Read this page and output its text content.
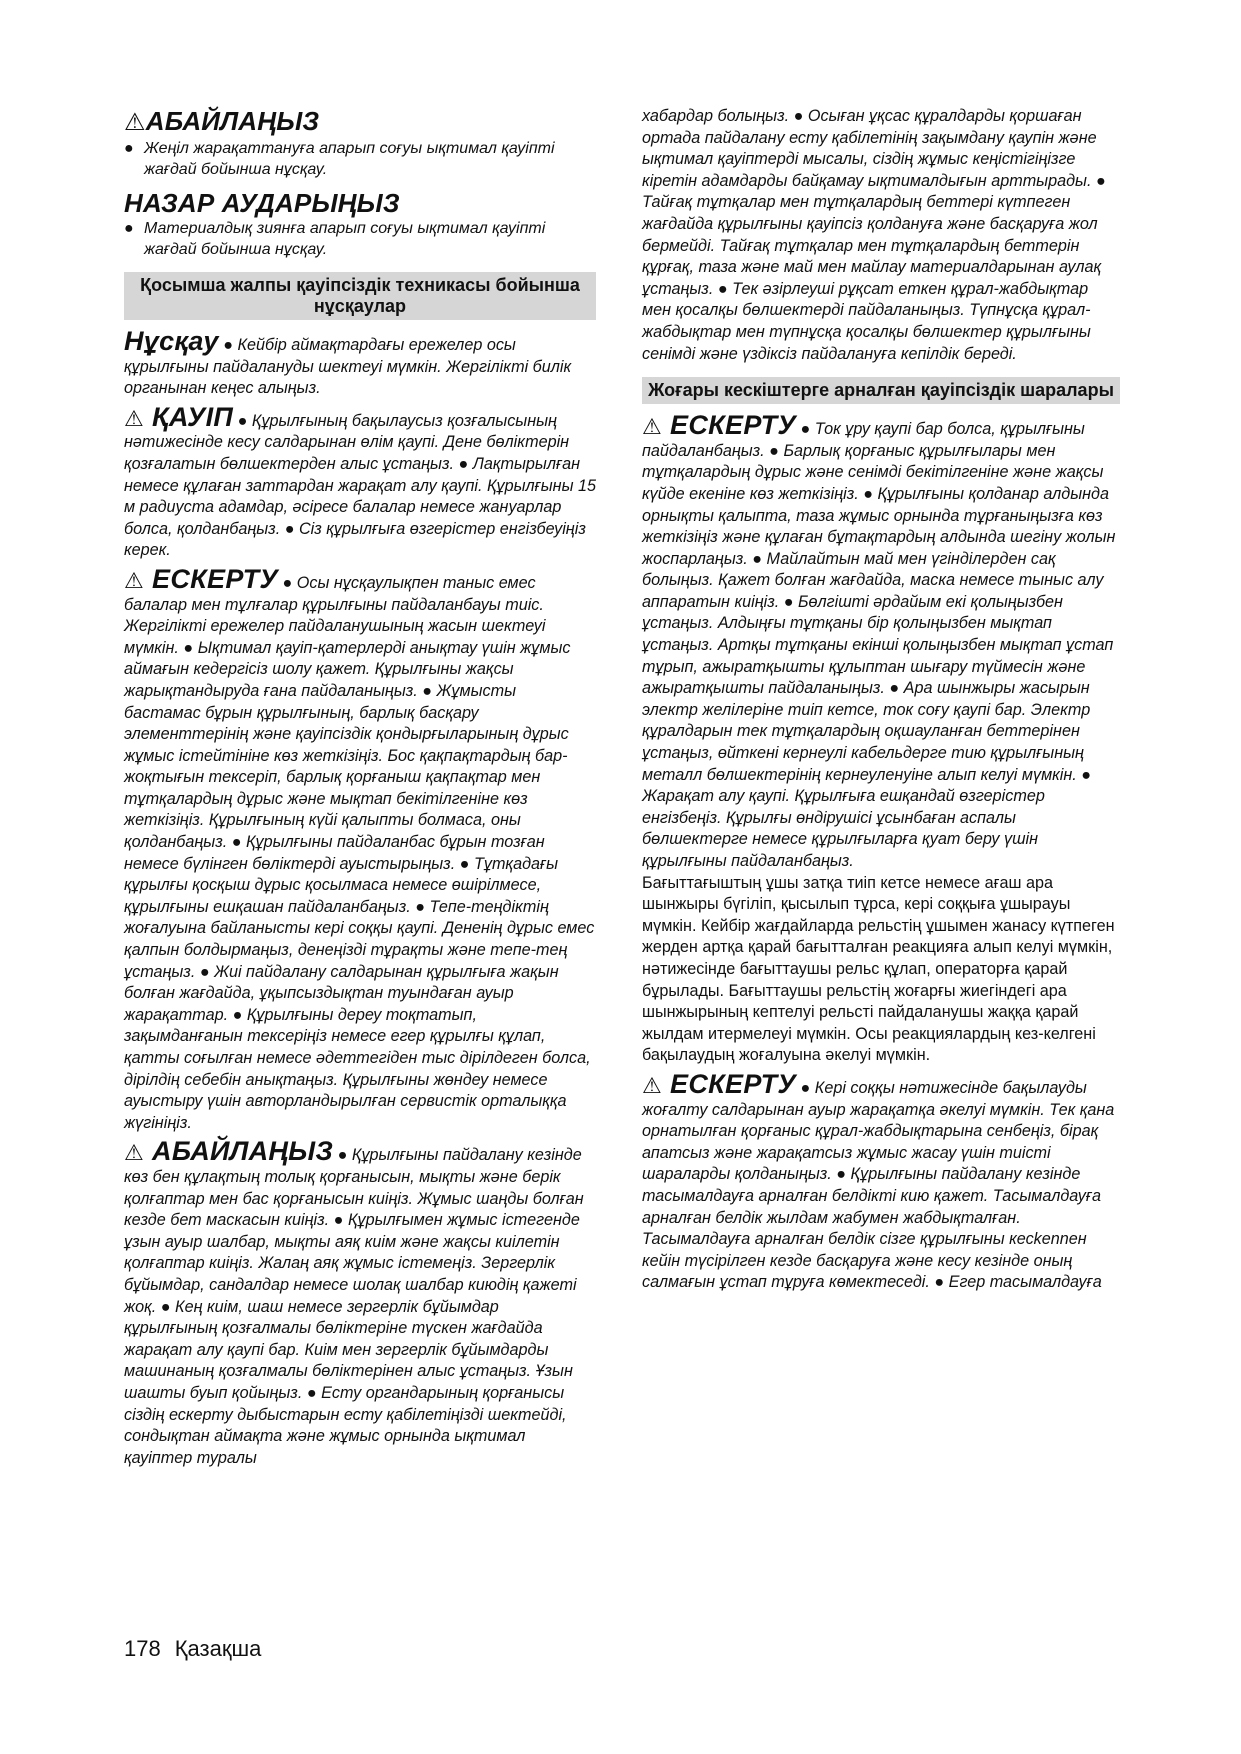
⚠АБАЙЛАҢЫЗ
● Жеңіл жарақаттануға апарып соғуы ықтимал қауіпті жағдай бойынша нұсқау.
НАЗАР АУДАРЫҢЫЗ
● Материалдық зиянға апарып соғуы ықтимал қауіпті жағдай бойынша нұсқау.
Қосымша жалпы қауіпсіздік техникасы бойынша нұсқаулар

Нұсқау ● Кейбір аймақтардағы ережелер осы құрылғыны пайдалануды шектеуі мүмкін. Жергілікті билік органынан кеңес алыңыз.

⚠ ҚАУІП ● Құрылғының бақылаусыз қозғалысының нәтижесінде кесу салдарынан өлім қаупі. Дене бөліктерін қозғалатын бөлшектерден алыс ұстаңыз. ● Лақтырылған немесе құлаған заттардан жарақат алу қаупі. Құрылғыны 15 м радиуста адамдар, әсіресе балалар немесе жануарлар болса, қолданбаңыз. ● Сіз құрылғыға өзгерістер енгізбеуіңіз керек.

⚠ ЕСКЕРТУ ● Осы нұсқаулықпен таныс емес балалар мен тұлғалар құрылғыны пайдаланбауы тиіс. Жергілікті ережелер пайдаланушының жасын шектеуі мүмкін. ● Ықтимал қауіп-қатерлерді анықтау үшін жұмыс аймағын кедергісіз шолу қажет. Құрылғыны жақсы жарықтандыруда ғана пайдаланыңыз. ● Жұмысты бастамас бұрын құрылғының, барлық басқару элементтерінің және қауіпсіздік қондырғыларының дұрыс жұмыс істейтініне көз жеткізіңіз. Бос қақпақтардың бар-жоқтығын тексеріп, барлық қорғаныш қақпақтар мен тұтқалардың дұрыс және мықтап бекітілгеніне көз жеткізіңіз. Құрылғының күйі қалыпты болмаса, оны қолданбаңыз. ● Құрылғыны пайдаланбас бұрын тозған немесе бүлінген бөліктерді ауыстырыңыз. ● Тұтқадағы құрылғы қосқыш дұрыс қосылмаса немесе өшірілмесе, құрылғыны ешқашан пайдаланбаңыз. ● Тепе-теңдіктің жоғалуына байланысты кері соққы қаупі. Дененің дұрыс емес қалпын болдырмаңыз, денеңізді тұрақты және тепе-тең ұстаңыз. ● Жиі пайдалану салдарынан құрылғыға жақын болған жағдайда, ұқыпсыздықтан туындаған ауыр жарақаттар. ● Құрылғыны дереу тоқтатып, зақымданғанын тексеріңіз немесе егер құрылғы құлап, қатты соғылған немесе әдеттегіден тыс дірілдеген болса, дірілдің себебін анықтаңыз. Құрылғыны жөндеу немесе ауыстыру үшін авторландырылған сервистік орталыққа жүгініңіз.

⚠ АБАЙЛАҢЫЗ ● Құрылғыны пайдалану кезінде көз бен құлақтың толық қорғанысын, мықты және берік қолғаптар мен бас қорғанысын киіңіз. Жұмыс шаңды болған кезде бет маскасын киіңіз. ● Құрылғымен жұмыс істегенде ұзын ауыр шалбар, мықты аяқ киім және жақсы киілетін қолғаптар киіңіз. Жалаң аяқ жұмыс істемеңіз. Зергерлік бұйымдар, сандалдар немесе шолақ шалбар киюдің қажеті жоқ. ● Кең киім, шаш немесе зергерлік бұйымдар құрылғының қозғалмалы бөліктеріне түскен жағдайда жарақат алу қаупі бар. Киім мен зергерлік бұйымдарды машинаның қозғалмалы бөліктерінен алыс ұстаңыз. Ұзын шашты буып қойыңыз. ● Есту органдарының қорғанысы сіздің ескерту дыбыстарын есту қабілетіңізді шектейді, сондықтан аймақта және жұмыс орнында ықтимал қауіптер туралы

хабардар болыңыз. ● Осыған ұқсас құралдарды қоршаған ортада пайдалану есту қабілетінің зақымдану қаупін және ықтимал қауіптерді мысалы, сіздің жұмыс кеңістігіңізге кіретін адамдарды байқамау ықтималдығын арттырады. ● Тайғақ тұтқалар мен тұтқалардың беттері күтпеген жағдайда құрылғыны қауіпсіз қолдануға және басқаруға жол бермейді. Тайғақ тұтқалар мен тұтқалардың беттерін құрғақ, таза және май мен майлау материалдарынан аулақ ұстаңыз. ● Тек әзірлеуші рұқсат еткен құрал-жабдықтар мен қосалқы бөлшектерді пайдаланыңыз. Түпнұсқа құрал-жабдықтар мен түпнұсқа қосалқы бөлшектер құрылғыны сенімді және үздіксіз пайдалануға кепілдік береді.

Жоғары кескіштерге арналған қауіпсіздік шаралары

⚠ ЕСКЕРТУ ● Ток ұру қаупі бар болса, құрылғыны пайдаланбаңыз. ● Барлық қорғаныс құрылғылары мен тұтқалардың дұрыс және сенімді бекітілгеніне және жақсы күйде екеніне көз жеткізіңіз. ● Құрылғыны қолданар алдында орнықты қалыпта, таза жұмыс орнында тұрғаныңызға көз жеткізіңіз және құлаған бұтақтардың алдында шегіну жолын жоспарлаңыз. ● Майлайтын май мен үгінділерден сақ болыңыз. Қажет болған жағдайда, маска немесе тыныс алу аппаратын киіңіз. ● Бөлгішті әрдайым екі қолыңызбен ұстаңыз. Алдыңғы тұтқаны бір қолыңызбен мықтап ұстаңыз. Артқы тұтқаны екінші қолыңызбен мықтап ұстап тұрып, ажыратқышты құлыптан шығару түймесін және ажыратқышты пайдаланыңыз. ● Ара шынжыры жасырын электр желілеріне тиіп кетсе, ток соғу қаупі бар. Электр құралдарын тек тұтқалардың оқшауланған беттерінен ұстаңыз, өйткені кернеулі кабельдерге тию құрылғының металл бөлшектерінің кернеуленуіне алып келуі мүмкін. ● Жарақат алу қаупі. Құрылғыға ешқандай өзгерістер енгізбеңіз. Құрылғы өндірушісі ұсынбаған аспалы бөлшектерге немесе құрылғыларға қуат беру үшін құрылғыны пайдаланбаңыз.

Бағыттағыштың ұшы затқа тиіп кетсе немесе ағаш ара шынжыры бүгіліп, қысылып тұрса, кері соққыға ұшырауы мүмкін. Кейбір жағдайларда рельстің ұшымен жанасу күтпеген жерден артқа қарай бағытталған реакцияға алып келуі мүмкін, нәтижесінде бағыттаушы рельс құлап, операторға қарай бұрылады. Бағыттаушы рельстің жоғарғы жиегіндегі ара шынжырының кептелуі рельсті пайдаланушы жаққа қарай жылдам итермелеуі мүмкін. Осы реакциялардың кез-келгені бақылаудың жоғалуына әкелуі мүмкін.

⚠ ЕСКЕРТУ ● Кері соққы нәтижесінде бақылауды жоғалту салдарынан ауыр жарақатқа әкелуі мүмкін. Тек қана орнатылған қорғаныс құрал-жабдықтарына сенбеңіз, бірақ апатсыз және жарақатсыз жұмыс жасау үшін тиісті шараларды қолданыңыз. ● Құрылғыны пайдалану кезінде тасымалдауға арналған белдікті кию қажет. Тасымалдауға арналған белдік жылдам жабумен жабдықталған. Тасымалдауға арналған белдік сізге құрылғыны кесkennен кейін түсірілген кезде басқаруға және кесу кезінде оның салмағын ұстап тұруға көмектеседі. ● Егер тасымалдауға

178 Қазақша
